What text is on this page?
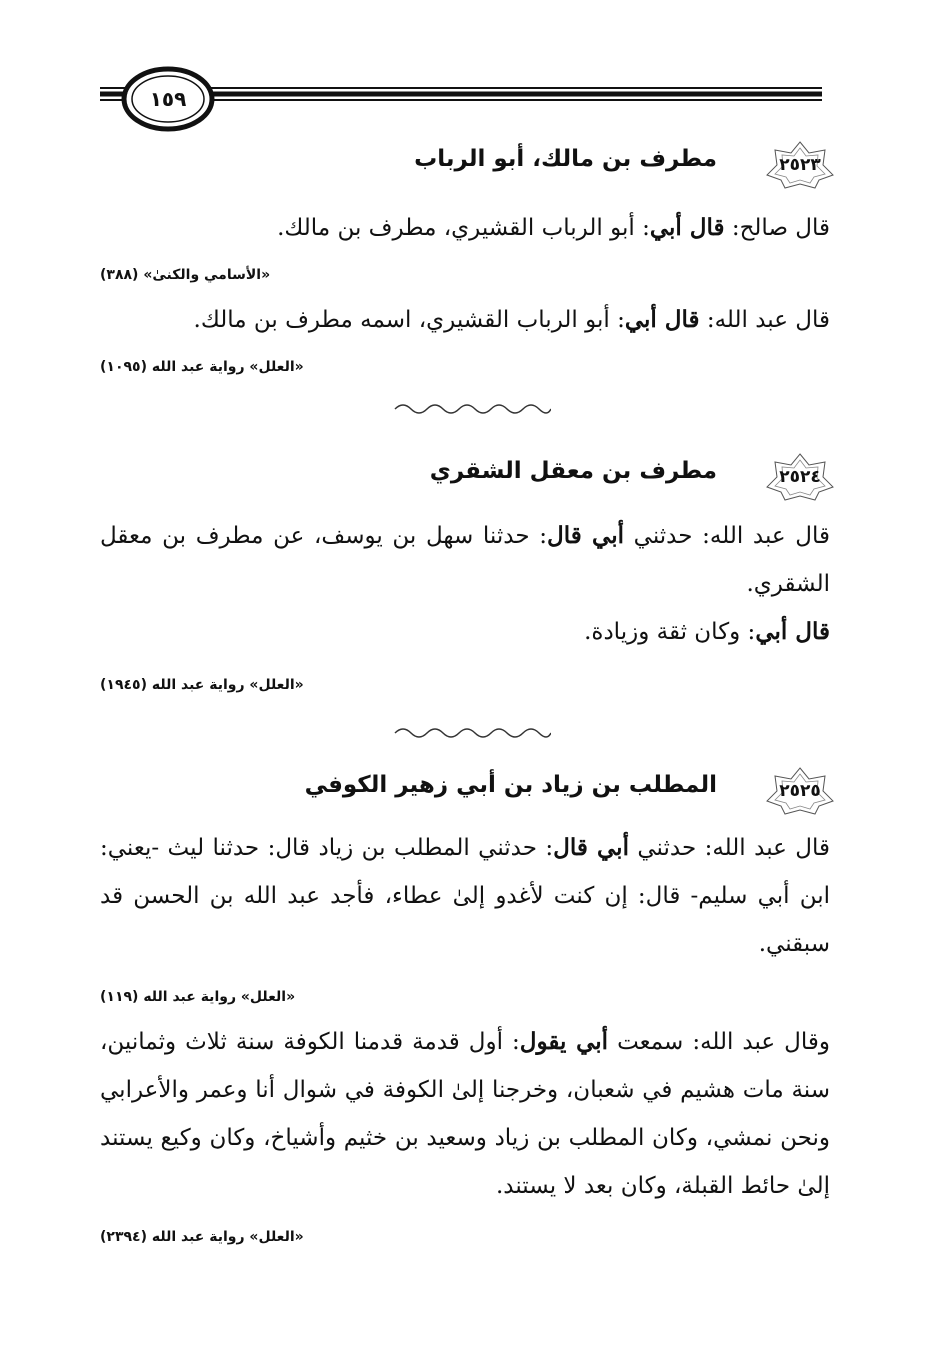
١٥٩
٢٥٢٣
مطرف بن مالك، أبو الرباب

قال صالح: قال أبي: أبو الرباب القشيري، مطرف بن مالك.

«الأسامي والكنىٰ» (٣٨٨)

قال عبد الله: قال أبي: أبو الرباب القشيري، اسمه مطرف بن مالك.

«العلل» رواية عبد الله (١٠٩٥)
٢٥٢٤
مطرف بن معقل الشقري

قال عبد الله: حدثني أبي قال: حدثنا سهل بن يوسف، عن مطرف بن معقل الشقري.

قال أبي: وكان ثقة وزيادة.

«العلل» رواية عبد الله (١٩٤٥)
٢٥٢٥
المطلب بن زياد بن أبي زهير الكوفي

قال عبد الله: حدثني أبي قال: حدثني المطلب بن زياد قال: حدثنا ليث -يعني: ابن أبي سليم- قال: إن كنت لأغدو إلىٰ عطاء، فأجد عبد الله بن الحسن قد سبقني.

«العلل» رواية عبد الله (١١٩)

وقال عبد الله: سمعت أبي يقول: أول قدمة قدمنا الكوفة سنة ثلاث وثمانين، سنة مات هشيم في شعبان، وخرجنا إلىٰ الكوفة في شوال أنا وعمر والأعرابي ونحن نمشي، وكان المطلب بن زياد وسعيد بن خثيم وأشياخ، وكان وكيع يستند إلىٰ حائط القبلة، وكان بعد لا يستند.

«العلل» رواية عبد الله (٢٣٩٤)
